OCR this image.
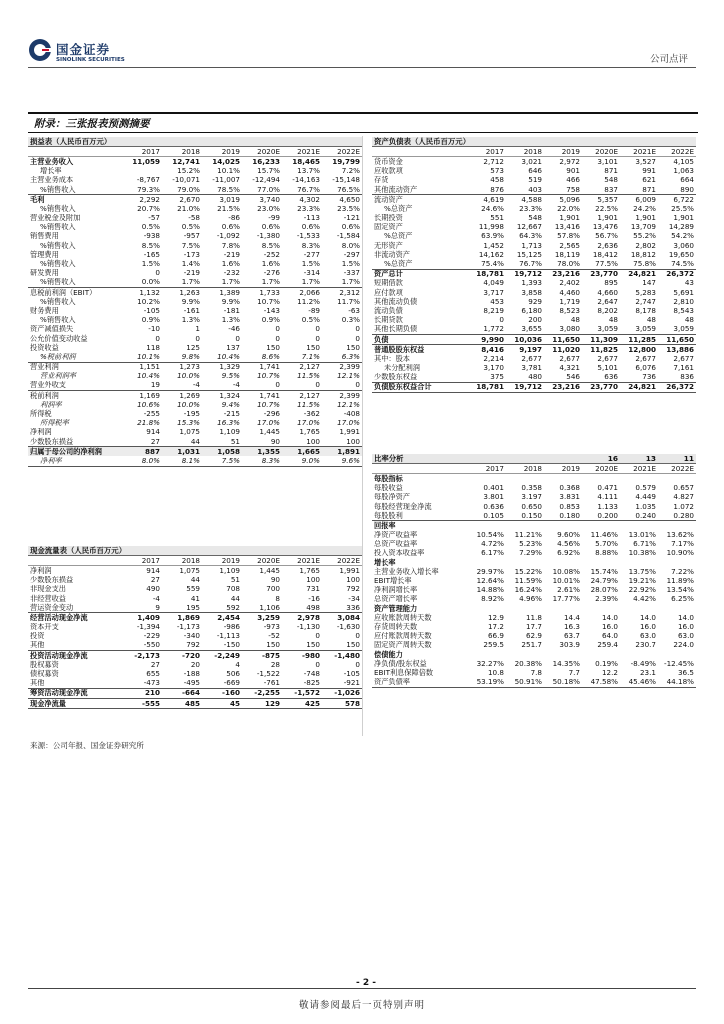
国金证券
SINOLINK SECURITIES	公司点评
附录：三张报表预测摘要
损益表（人民币百万元）						
	2017	2018	2019	2020E	2021E	2022E
主营业务收入	11,059	12,741	14,025	16,233	18,465	19,799
增长率		15.2%	10.1%	15.7%	13.7%	7.2%
主营业务成本	-8,767	-10,071	-11,007	-12,494	-14,163	-15,148
%销售收入	79.3%	79.0%	78.5%	77.0%	76.7%	76.5%
毛利	2,292	2,670	3,019	3,740	4,302	4,650
%销售收入	20.7%	21.0%	21.5%	23.0%	23.3%	23.5%
营业税金及附加	-57	-58	-86	-99	-113	-121
%销售收入	0.5%	0.5%	0.6%	0.6%	0.6%	0.6%
销售费用	-938	-957	-1,092	-1,380	-1,533	-1,584
%销售收入	8.5%	7.5%	7.8%	8.5%	8.3%	8.0%
管理费用	-165	-173	-219	-252	-277	-297
%销售收入	1.5%	1.4%	1.6%	1.6%	1.5%	1.5%
研发费用	0	-219	-232	-276	-314	-337
%销售收入	0.0%	1.7%	1.7%	1.7%	1.7%	1.7%
息税前利润（EBIT）	1,132	1,263	1,389	1,733	2,066	2,312
%销售收入	10.2%	9.9%	9.9%	10.7%	11.2%	11.7%
财务费用	-105	-161	-181	-143	-89	-63
%销售收入	0.9%	1.3%	1.3%	0.9%	0.5%	0.3%
资产减值损失	-10	1	-46	0	0	0
公允价值变动收益	0	0	0	0	0	0
投资收益	118	125	137	150	150	150
%税前利润	10.1%	9.8%	10.4%	8.6%	7.1%	6.3%
营业利润	1,151	1,273	1,329	1,741	2,127	2,399
营业利润率	10.4%	10.0%	9.5%	10.7%	11.5%	12.1%
营业外收支	19	-4	-4	0	0	0
税前利润	1,169	1,269	1,324	1,741	2,127	2,399
利润率	10.6%	10.0%	9.4%	10.7%	11.5%	12.1%
所得税	-255	-195	-215	-296	-362	-408
所得税率	21.8%	15.3%	16.3%	17.0%	17.0%	17.0%
净利润	914	1,075	1,109	1,445	1,765	1,991
少数股东损益	27	44	51	90	100	100
归属于母公司的净利润	887	1,031	1,058	1,355	1,665	1,891
净利率	8.0%	8.1%	7.5%	8.3%	9.0%	9.6%
现金流量表（人民币百万元）						
	2017	2018	2019	2020E	2021E	2022E
净利润	914	1,075	1,109	1,445	1,765	1,991
少数股东损益	27	44	51	90	100	100
非现金支出	490	559	708	700	731	792
非经营收益	-4	41	44	8	-16	-34
营运资金变动	9	195	592	1,106	498	336
经营活动现金净流	1,409	1,869	2,454	3,259	2,978	3,084
资本开支	-1,394	-1,173	-986	-973	-1,130	-1,630
投资	-229	-340	-1,113	-52	0	0
其他	-550	792	-150	150	150	150
投资活动现金净流	-2,173	-720	-2,249	-875	-980	-1,480
股权募资	27	20	4	28	0	0
债权募资	655	-188	506	-1,522	-748	-105
其他	-473	-495	-669	-761	-825	-921
筹资活动现金净流	210	-664	-160	-2,255	-1,572	-1,026
现金净流量	-555	485	45	129	425	578
资产负债表（人民币百万元）						
	2017	2018	2019	2020E	2021E	2022E
货币资金	2,712	3,021	2,972	3,101	3,527	4,105
应收款项	573	646	901	871	991	1,063
存货	458	519	466	548	621	664
其他流动资产	876	403	758	837	871	890
流动资产	4,619	4,588	5,096	5,357	6,009	6,722
%总资产	24.6%	23.3%	22.0%	22.5%	24.2%	25.5%
长期投资	551	548	1,901	1,901	1,901	1,901
固定资产	11,998	12,667	13,416	13,476	13,709	14,289
%总资产	63.9%	64.3%	57.8%	56.7%	55.2%	54.2%
无形资产	1,452	1,713	2,565	2,636	2,802	3,060
非流动资产	14,162	15,125	18,119	18,412	18,812	19,650
%总资产	75.4%	76.7%	78.0%	77.5%	75.8%	74.5%
资产总计	18,781	19,712	23,216	23,770	24,821	26,372
短期借款	4,049	1,393	2,402	895	147	43
应付款项	3,717	3,858	4,460	4,660	5,283	5,691
其他流动负债	453	929	1,719	2,647	2,747	2,810
流动负债	8,219	6,180	8,523	8,202	8,178	8,543
长期贷款	0	200	48	48	48	48
其他长期负债	1,772	3,655	3,080	3,059	3,059	3,059
负债	9,990	10,036	11,650	11,309	11,285	11,650
普通股股东权益	8,416	9,197	11,020	11,825	12,800	13,886
其中：股本	2,214	2,677	2,677	2,677	2,677	2,677
未分配利润	3,170	3,781	4,321	5,101	6,076	7,161
少数股东权益	375	480	546	636	736	836
负债股东权益合计	18,781	19,712	23,216	23,770	24,821	26,372
比率分析				16	13	11
	2017	2018	2019	2020E	2021E	2022E
每股指标						
每股收益	0.401	0.358	0.368	0.471	0.579	0.657
每股净资产	3.801	3.197	3.831	4.111	4.449	4.827
每股经营现金净流	0.636	0.650	0.853	1.133	1.035	1.072
每股股利	0.105	0.150	0.180	0.200	0.240	0.280
回报率						
净资产收益率	10.54%	11.21%	9.60%	11.46%	13.01%	13.62%
总资产收益率	4.72%	5.23%	4.56%	5.70%	6.71%	7.17%
投入资本收益率	6.17%	7.29%	6.92%	8.88%	10.38%	10.90%
增长率						
主营业务收入增长率	29.97%	15.22%	10.08%	15.74%	13.75%	7.22%
EBIT增长率	12.64%	11.59%	10.01%	24.79%	19.21%	11.89%
净利润增长率	14.88%	16.24%	2.61%	28.07%	22.92%	13.54%
总资产增长率	8.92%	4.96%	17.77%	2.39%	4.42%	6.25%
资产管理能力						
应收账款周转天数	12.9	11.8	14.4	14.0	14.0	14.0
存货周转天数	17.2	17.7	16.3	16.0	16.0	16.0
应付账款周转天数	66.9	62.9	63.7	64.0	63.0	63.0
固定资产周转天数	259.5	251.7	303.9	259.4	230.7	224.0
偿债能力						
净负债/股东权益	32.27%	20.38%	14.35%	0.19%	-8.49%	-12.45%
EBIT利息保障倍数	10.8	7.8	7.7	12.2	23.1	36.5
资产负债率	53.19%	50.91%	50.18%	47.58%	45.46%	44.18%
来源：公司年报、国金证券研究所
- 2 -
敬请参阅最后一页特别声明
